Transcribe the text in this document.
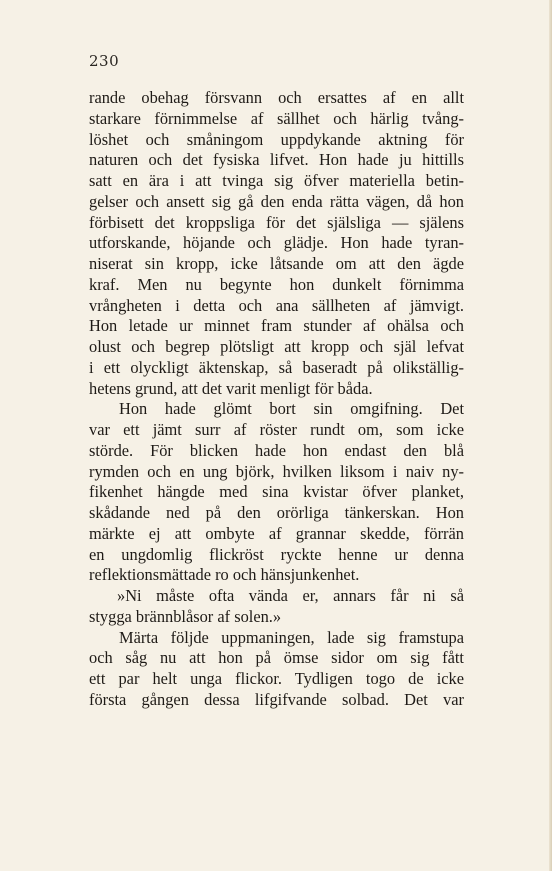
230
rande obehag försvann och ersattes af en allt
starkare förnimmelse af sällhet och härlig tvång-
löshet och småningom uppdykande aktning för
naturen och det fysiska lifvet. Hon hade ju hittills
satt en ära i att tvinga sig öfver materiella betin-
gelser och ansett sig gå den enda rätta vägen, då hon
förbisett det kroppsliga för det själsliga — själens
utforskande, höjande och glädje. Hon hade tyran-
niserat sin kropp, icke låtsande om att den ägde
kraf. Men nu begynte hon dunkelt förnimma
vrångheten i detta och ana sällheten af jämvigt.
Hon letade ur minnet fram stunder af ohälsa och
olust och begrep plötsligt att kropp och själ lefvat
i ett olyckligt äktenskap, så baseradt på olikställig-
hetens grund, att det varit menligt för båda.
Hon hade glömt bort sin omgifning. Det
var ett jämt surr af röster rundt om, som icke
störde. För blicken hade hon endast den blå
rymden och en ung björk, hvilken liksom i naiv ny-
fikenhet hängde med sina kvistar öfver planket,
skådande ned på den orörliga tänkerskan. Hon
märkte ej att ombyte af grannar skedde, förrän
en ungdomlig flickröst ryckte henne ur denna
reflektionsmättade ro och hänsjunkenhet.
»Ni måste ofta vända er, annars får ni så
stygga brännblåsor af solen.»
Märta följde uppmaningen, lade sig framstupa
och såg nu att hon på ömse sidor om sig fått
ett par helt unga flickor. Tydligen togo de icke
första gången dessa lifgifvande solbad. Det var
